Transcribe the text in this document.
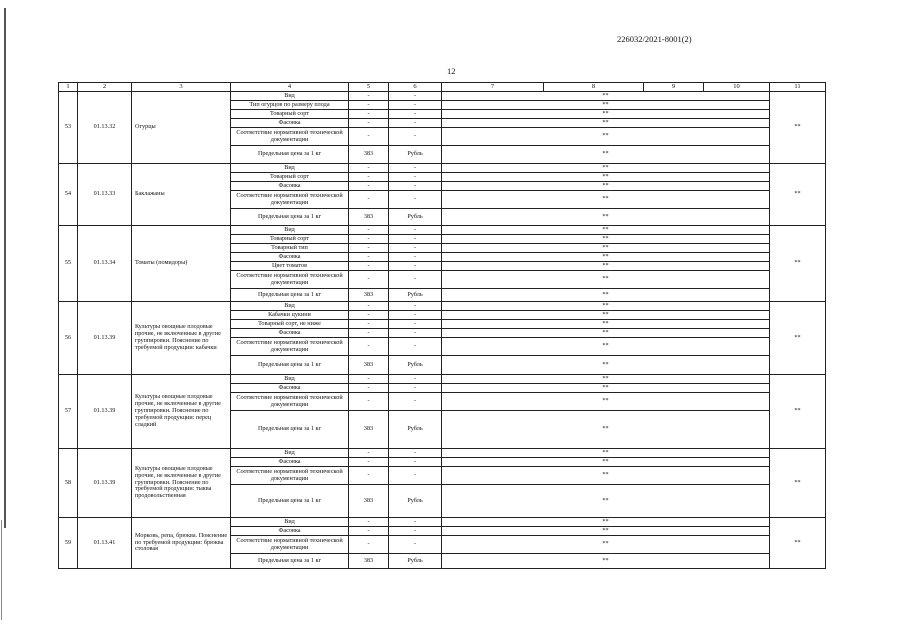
226032/2021-8001(2)
12
1	2	3	4	5	6	7	8	9	10	11
53	01.13.32	Огурцы	Вид	-	-	**				**
			Тип огурцов по размеру плода	-	-	**				
			Товарный сорт	-	-	**				
			Фасовка	-	-	**				
			Соответствие нормативной технической документации	-	-	**				
			Предельная цена за 1 кг	383	Рубль	**				
54	01.13.33	Баклажаны	Вид	-	-	**				**
			Товарный сорт	-	-	**				
			Фасовка	-	-	**				
			Соответствие нормативной технической документации	-	-	**				
			Предельная цена за 1 кг	383	Рубль	**				
55	01.13.34	Томаты (помидоры)	Вид	-	-	**				**
			Товарный сорт	-	-	**				
			Товарный тип	-	-	**				
			Фасовка	-	-	**				
			Цвет томатов	-	-	**				
			Соответствие нормативной технической документации	-	-	**				
			Предельная цена за 1 кг	383	Рубль	**				
56	01.13.39	Культуры овощные плодовые прочие, не включенные в другие группировки. Пояснение по требуемой продукции: кабачки	Вид	-	-	**				**
			Кабачки цукини	-	-	**				
			Товарный сорт, не ниже	-	-	**				
			Фасовка	-	-	**				
			Соответствие нормативной технической документации	-	-	**				
			Предельная цена за 1 кг	383	Рубль	**				
57	01.13.39	Культуры овощные плодовые прочие, не включенные в другие группировки. Пояснение по требуемой продукции: перец сладкий	Вид	-	-	**				**
			Фасовка	-	-	**				
			Соответствие нормативной технической документации	-	-	**				
			Предельная цена за 1 кг	383	Рубль	**				
58	01.13.39	Культуры овощные плодовые прочие, не включенные в другие группировки. Пояснение по требуемой продукции: тыква продовольственная	Вид	-	-	**				**
			Фасовка	-	-	**				
			Соответствие нормативной технической документации	-	-	**				
			Предельная цена за 1 кг	383	Рубль	**				
59	01.13.41	Морковь, репа, брюква. Пояснение по требуемой продукции: брюква столовая	Вид	-	-	**				**
			Фасовка	-	-	**				
			Соответствие нормативной технической документации	-	-	**				
			Предельная цена за 1 кг	383	Рубль	**				
